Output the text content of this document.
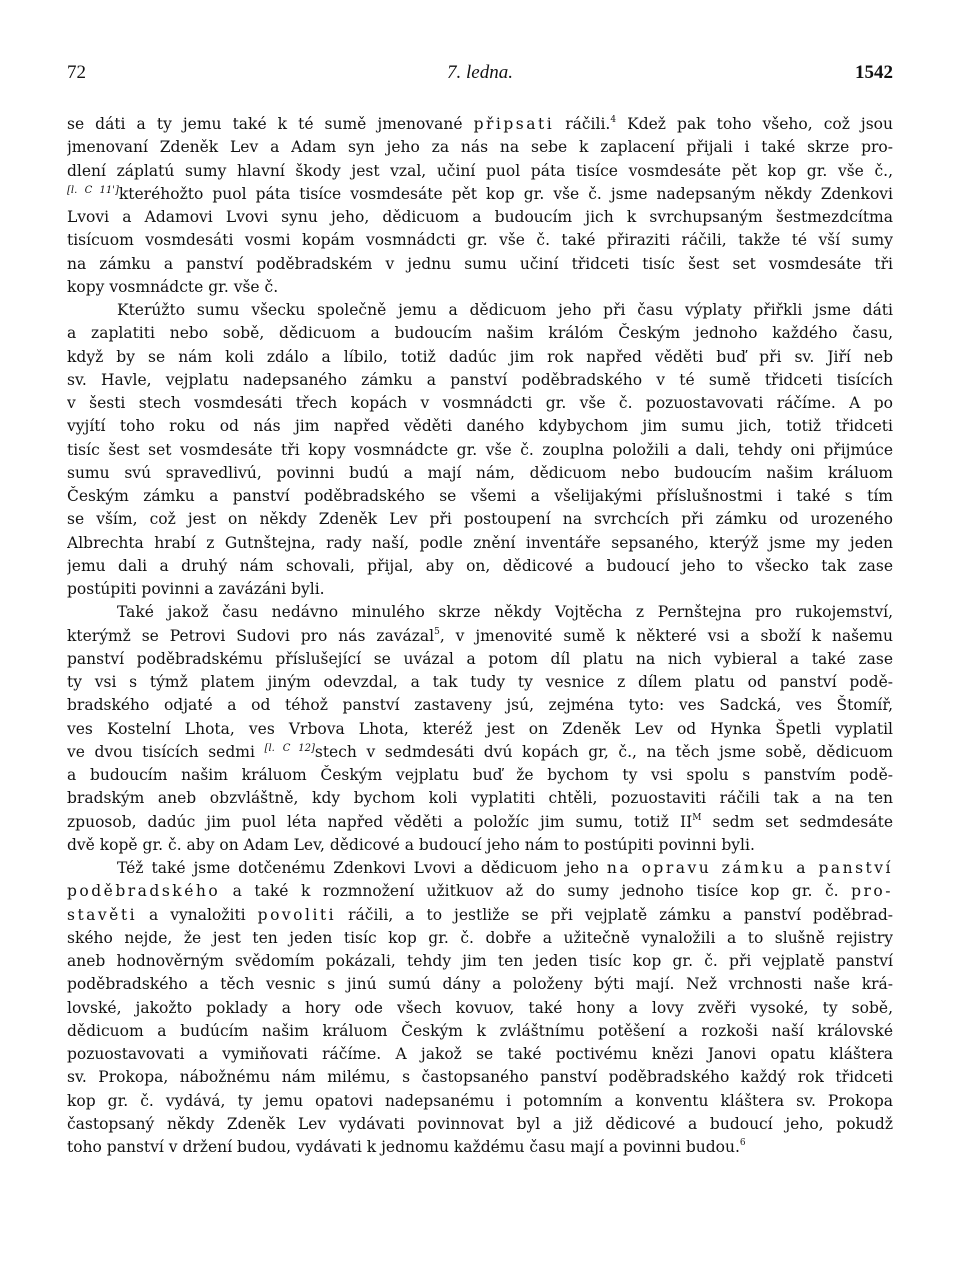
72	7. ledna.	1542
se dáti a ty jemu také k té sumě jmenované připsati ráčili.$^4$ Kdež pak toho všeho, což jsou
jmenovaní Zdeněk Lev a Adam syn jeho za nás na sebe k zaplacení přijali i také skrze pro-
dlení záplatú sumy hlavní škody jest vzal, učiní puol páta tisíce vosmdesáte pět kop gr. vše č.,
[l. C 11']kteréhožto puol páta tisíce vosmdesáte pět kop gr. vše č. jsme nadepsaným někdy Zdenkovi
Lvovi a Adamovi Lvovi synu jeho, dědicuom a budoucím jich k svrchupsaným šestmezdcítma
tisícuom vosmdesáti vosmi kopám vosmnádcti gr. vše č. také přiraziti ráčili, takže té vší sumy
na zámku a panství poděbradském v jednu sumu učiní třidceti tisíc šest set vosmdesáte tři
kopy vosmnádcte gr. vše č.
Kterúžto sumu všecku společně jemu a dědicuom jeho při času výplaty přiřkli jsme dáti
a zaplatiti nebo sobě, dědicuom a budoucím našim králóm Českým jednoho každého času,
když by se nám koli zdálo a líbilo, totiž dadúc jim rok napřed věděti buď při sv. Jiří neb
sv. Havle, vejplatu nadepsaného zámku a panství poděbradského v té sumě třidceti tisících
v šesti stech vosmdesáti třech kopách v vosmnádcti gr. vše č. pozuostavovati ráčíme. A po
vyjítí toho roku od nás jim napřed věděti daného kdybychom jim sumu jich, totiž třidceti
tisíc šest set vosmdesáte tři kopy vosmnádcte gr. vše č. zouplna položili a dali, tehdy oni přijmúce
sumu svú spravedlivú, povinni budú a mají nám, dědicuom nebo budoucím našim králuom
Českým zámku a panství poděbradského se všemi a všelijakými příslušnostmi i také s tím
se vším, což jest on někdy Zdeněk Lev při postoupení na svrchcích při zámku od urozeného
Albrechta hrabí z Gutnštejna, rady naší, podle znění inventáře sepsaného, kterýž jsme my jeden
jemu dali a druhý nám schovali, přijal, aby on, dědicové a budoucí jeho to všecko tak zase
postúpiti povinni a zavázáni byli.
Také jakož času nedávno minulého skrze někdy Vojtěcha z Pernštejna pro rukojemství,
kterýmž se Petrovi Sudovi pro nás zavázal$^5$, v jmenovité sumě k některé vsi a sboží k našemu
panství poděbradskému příslušející se uvázal a potom díl platu na nich vybieral a také zase
ty vsi s týmž platem jiným odevzdal, a tak tudy ty vesnice z dílem platu od panství podě-
bradského odjaté a od téhož panství zastaveny jsú, zejména tyto: ves Sadcká, ves Štomíř,
ves Kostelní Lhota, ves Vrbova Lhota, kteréž jest on Zdeněk Lev od Hynka Špetli vyplatil
ve dvou tisících sedmi [l. C 12]stech v sedmdesáti dvú kopách gr, č., na těch jsme sobě, dědicuom
a budoucím našim králuom Českým vejplatu buď že bychom ty vsi spolu s panstvím podě-
bradským aneb obzvláštně, kdy bychom koli vyplatiti chtěli, pozuostaviti ráčili tak a na ten
zpuosob, dadúc jim puol léta napřed věděti a položíc jim sumu, totiž $II^M$ sedm set sedmdesáte
dvě kopě gr. č. aby on Adam Lev, dědicové a budoucí jeho nám to postúpiti povinni byli.
Též také jsme dotčenému Zdenkovi Lvovi a dědicuom jeho na opravu zámku a panství
poděbradského a také k rozmnožení užitkuov až do sumy jednoho tisíce kop gr. č. pro-
stavěti a vynaložiti povoliti ráčili, a to jestliže se při vejplatě zámku a panství poděbrad-
ského nejde, že jest ten jeden tisíc kop gr. č. dobře a užitečně vynaložili a to slušně rejistry
aneb hodnověrným svědomím pokázali, tehdy jim ten jeden tisíc kop gr. č. při vejplatě panství
poděbradského a těch vesnic s jinú sumú dány a položeny býti mají. Než vrchnosti naše krá-
lovské, jakožto poklady a hory ode všech kovuov, také hony a lovy zvěři vysoké, ty sobě,
dědicuom a budúcím našim králuom Českým k zvláštnímu potěšení a rozkoši naší královské
pozuostavovati a vymiňovati ráčíme. A jakož se také poctivému knězi Janovi opatu kláštera
sv. Prokopa, nábožnému nám milému, s častopsaného panství poděbradského každý rok třidceti
kop gr. č. vydává, ty jemu opatovi nadepsanému i potomním a konventu kláštera sv. Prokopa
častopsaný někdy Zdeněk Lev vydávati povinnovat byl a již dědicové a budoucí jeho, pokudž
toho panství v držení budou, vydávati k jednomu každému času mají a povinni budou.$^6$
